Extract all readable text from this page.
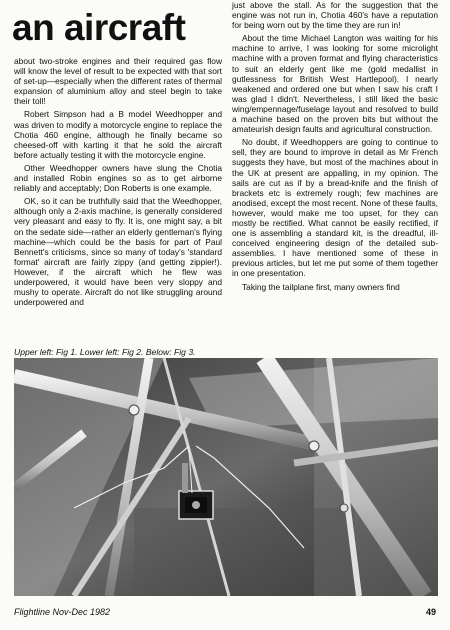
an aircraft

about two-stroke engines and their required gas flow will know the level of result to be expected with that sort of set-up—especially when the different rates of thermal expansion of aluminium alloy and steel begin to take their toll!

Robert Simpson had a B model Weedhopper and was driven to modify a motorcycle engine to replace the Chotia 460 engine, although he finally became so cheesed-off with karting it that he sold the aircraft before actually testing it with the motorcycle engine.

Other Weedhopper owners have slung the Chotia and installed Robin engines so as to get airborne reliably and acceptably; Don Roberts is one example.

OK, so it can be truthfully said that the Weedhopper, although only a 2-axis machine, is generally considered very pleasant and easy to fly. It is, one might say, a bit on the sedate side—rather an elderly gentleman's flying machine—which could be the basis for part of Paul Bennett's criticisms, since so many of today's 'standard format' aircraft are fairly zippy (and getting zippier!). However, if the aircraft which he flew was underpowered, it would have been very sloppy and mushy to operate. Aircraft do not like struggling around underpowered and

just above the stall. As for the suggestion that the engine was not run in, Chotia 460's have a reputation for being worn out by the time they are run in!

About the time Michael Langton was waiting for his machine to arrive, I was looking for some microlight machine with a proven format and flying characteristics to suit an elderly gent like me (gold medallist in gutlessness for British West Hartlepool). I nearly weakened and ordered one but when I saw his craft I was glad I didn't. Nevertheless, I still liked the basic wing/empennage/fuselage layout and resolved to build a machine based on the proven bits but without the amateurish design faults and agricultural construction.

No doubt, if Weedhoppers are going to continue to sell, they are bound to improve in detail as Mr French suggests they have, but most of the machines about in the UK at present are appalling, in my opinion. The sails are cut as if by a bread-knife and the finish of brackets etc is extremely rough; few machines are anodised, except the most recent. None of these faults, however, would make me too upset, for they can mostly be rectified. What cannot be easily rectified, if one is assembling a standard kit, is the dreadful, ill-conceived engineering design of the detailed sub-assemblies. I have mentioned some of these in previous articles, but let me put some of them together in one presentation.

Taking the tailplane first, many owners find

Upper left: Fig 1. Lower left: Fig 2. Below: Fig 3.
Flightline Nov-Dec 1982	49
